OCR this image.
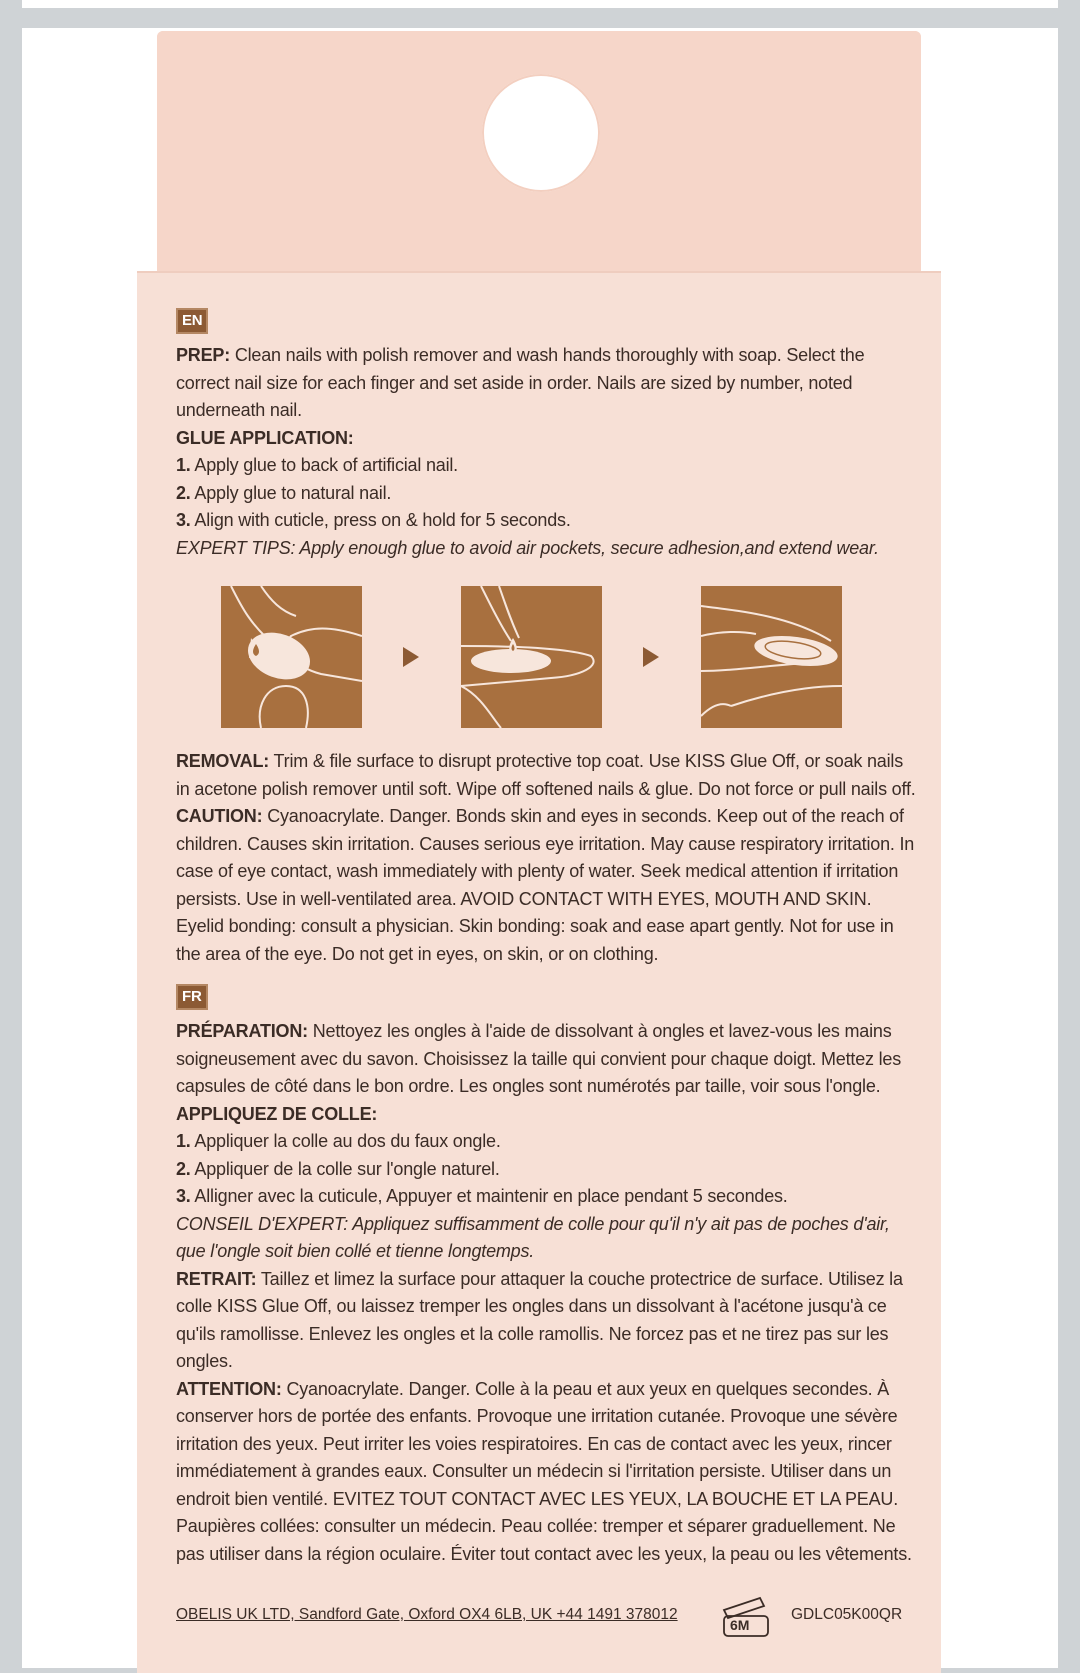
EN

PREP: Clean nails with polish remover and wash hands thoroughly with soap. Select the correct nail size for each finger and set aside in order. Nails are sized by number, noted underneath nail.

GLUE APPLICATION:

1. Apply glue to back of artificial nail.

2. Apply glue to natural nail.

3. Align with cuticle, press on & hold for 5 seconds.

EXPERT TIPS: Apply enough glue to avoid air pockets, secure adhesion,and extend wear.

REMOVAL: Trim & file surface to disrupt protective top coat. Use KISS Glue Off, or soak nails in acetone polish remover until soft. Wipe off softened nails & glue. Do not force or pull nails off.

CAUTION: Cyanoacrylate. Danger. Bonds skin and eyes in seconds. Keep out of the reach of children. Causes skin irritation. Causes serious eye irritation. May cause respiratory irritation. In case of eye contact, wash immediately with plenty of water. Seek medical attention if irritation persists. Use in well-ventilated area. AVOID CONTACT WITH EYES, MOUTH AND SKIN. Eyelid bonding: consult a physician. Skin bonding: soak and ease apart gently. Not for use in the area of the eye. Do not get in eyes, on skin, or on clothing.

FR

PRÉPARATION: Nettoyez les ongles à l'aide de dissolvant à ongles et lavez-vous les mains soigneusement avec du savon. Choisissez la taille qui convient pour chaque doigt. Mettez les capsules de côté dans le bon ordre. Les ongles sont numérotés par taille, voir sous l'ongle.

APPLIQUEZ DE COLLE:

1. Appliquer la colle au dos du faux ongle.

2. Appliquer de la colle sur l'ongle naturel.

3. Alligner avec la cuticule, Appuyer et maintenir en place pendant 5 secondes.

CONSEIL D'EXPERT: Appliquez suffisamment de colle pour qu'il n'y ait pas de poches d'air, que l'ongle soit bien collé et tienne longtemps.

RETRAIT: Taillez et limez la surface pour attaquer la couche protectrice de surface. Utilisez la colle KISS Glue Off, ou laissez tremper les ongles dans un dissolvant à l'acétone jusqu'à ce qu'ils ramollisse. Enlevez les ongles et la colle ramollis. Ne forcez pas et ne tirez pas sur les ongles.

ATTENTION: Cyanoacrylate. Danger. Colle à la peau et aux yeux en quelques secondes. À conserver hors de portée des enfants. Provoque une irritation cutanée. Provoque une sévère irritation des yeux. Peut irriter les voies respiratoires. En cas de contact avec les yeux, rincer immédiatement à grandes eaux. Consulter un médecin si l'irritation persiste. Utiliser dans un endroit bien ventilé. EVITEZ TOUT CONTACT AVEC LES YEUX, LA BOUCHE ET LA PEAU. Paupières collées: consulter un médecin. Peau collée: tremper et séparer graduellement. Ne pas utiliser dans la région oculaire. Éviter tout contact avec les yeux, la peau ou les vêtements.

OBELIS UK LTD, Sandford Gate, Oxford OX4 6LB, UK +44 1491 378012
6M
GDLC05K00QR
